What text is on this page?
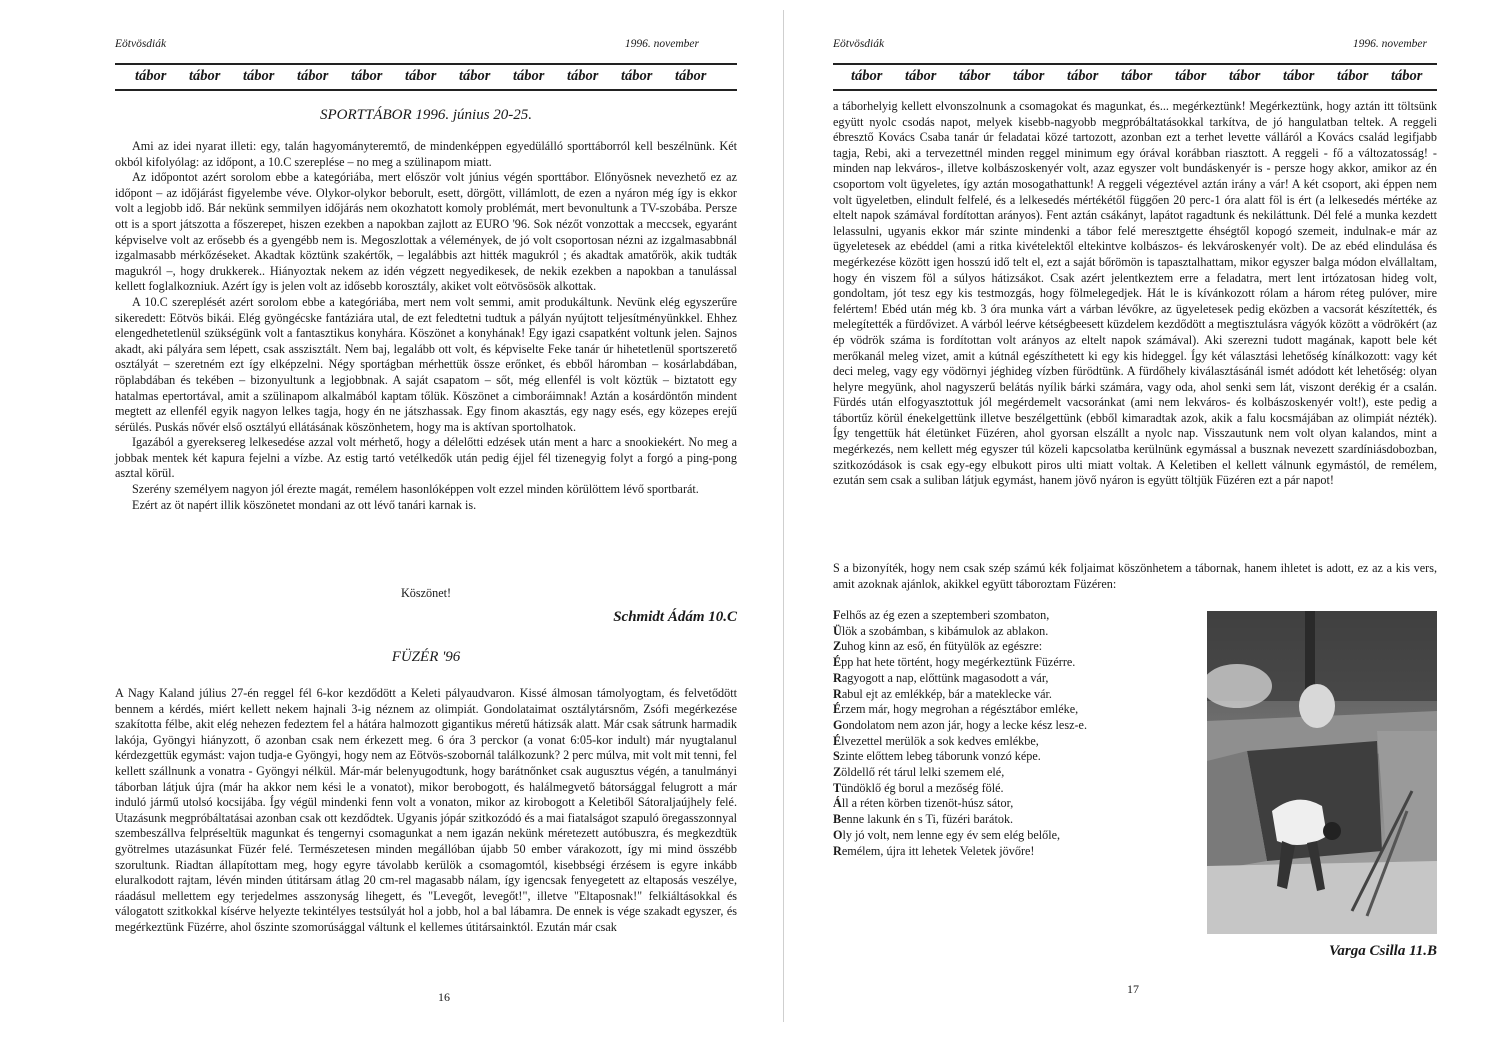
Eötvösdiák	1996. november
tábor tábor tábor tábor tábor tábor tábor tábor tábor tábor tábor
SPORTTÁBOR 1996. június 20-25.

Ami az idei nyarat illeti: egy, talán hagyományteremtő, de mindenképpen egyedülálló sporttáborról kell beszélnünk. Két okból kifolyólag: az időpont, a 10.C szereplése – no meg a szülinapom miatt.

Az időpontot azért sorolom ebbe a kategóriába, mert először volt június végén sporttábor. Előnyösnek nevezhető ez az időpont – az időjárást figyelembe véve. Olykor-olykor beborult, esett, dörgött, villámlott, de ezen a nyáron még így is ekkor volt a legjobb idő. Bár nekünk semmilyen időjárás nem okozhatott komoly problémát, mert bevonultunk a TV-szobába. Persze ott is a sport játszotta a főszerepet, hiszen ezekben a napokban zajlott az EURO '96. Sok nézőt vonzottak a meccsek, egyaránt képviselve volt az erősebb és a gyengébb nem is. Megoszlottak a vélemények, de jó volt csoportosan nézni az izgalmasabbnál izgalmasabb mérkőzéseket. Akadtak köztünk szakértők, – legalábbis azt hitték magukról ; és akadtak amatőrök, akik tudták magukról –, hogy drukkerek.. Hiányoztak nekem az idén végzett negyedikesek, de nekik ezekben a napokban a tanulással kellett foglalkozniuk. Azért így is jelen volt az idősebb korosztály, akiket volt eötvösösök alkottak.

A 10.C szereplését azért sorolom ebbe a kategóriába, mert nem volt semmi, amit produkáltunk. Nevünk elég egyszerűre sikeredett: Eötvös bikái. Elég gyöngécske fantáziára utal, de ezt feledtetni tudtuk a pályán nyújtott teljesítményünkkel. Ehhez elengedhetetlenül szükségünk volt a fantasztikus konyhára. Köszönet a konyhának! Egy igazi csapatként voltunk jelen. Sajnos akadt, aki pályára sem lépett, csak asszisztált. Nem baj, legalább ott volt, és képviselte Feke tanár úr hihetetlenül sportszerető osztályát – szeretném ezt így elképzelni. Négy sportágban mérhettük össze erőnket, és ebből háromban – kosárlabdában, röplabdában és tekében – bizonyultunk a legjobbnak. A saját csapatom – sőt, még ellenfél is volt köztük – biztatott egy hatalmas epertortával, amit a szülinapom alkalmából kaptam tőlük. Köszönet a cimboráimnak! Aztán a kosárdöntőn mindent megtett az ellenfél egyik nagyon lelkes tagja, hogy én ne játszhassak. Egy finom akasztás, egy nagy esés, egy közepes erejű sérülés. Puskás nővér első osztályú ellátásának köszönhetem, hogy ma is aktívan sportolhatok.

Igazából a gyereksereg lelkesedése azzal volt mérhető, hogy a délelőtti edzések után ment a harc a snookiekért. No meg a jobbak mentek két kapura fejelni a vízbe. Az estig tartó vetélkedők után pedig éjjel fél tizenegyig folyt a forgó a ping-pong asztal körül.

Szerény személyem nagyon jól érezte magát, remélem hasonlóképpen volt ezzel minden körülöttem lévő sportbarát.

Ezért az öt napért illik köszönetet mondani az ott lévő tanári karnak is.

Köszönet!
Schmidt Ádám 10.C
FÜZÉR '96

A Nagy Kaland július 27-én reggel fél 6-kor kezdődött a Keleti pályaudvaron. Kissé álmosan támolyogtam, és felvetődött bennem a kérdés, miért kellett nekem hajnali 3-ig néznem az olimpiát. Gondolataimat osztálytársnőm, Zsófi megérkezése szakította félbe, akit elég nehezen fedeztem fel a hátára halmozott gigantikus méretű hátizsák alatt. Már csak sátrunk harmadik lakója, Gyöngyi hiányzott, ő azonban csak nem érkezett meg. 6 óra 3 perckor (a vonat 6:05-kor indult) már nyugtalanul kérdezgettük egymást: vajon tudja-e Gyöngyi, hogy nem az Eötvös-szobornál találkozunk? 2 perc múlva, mit volt mit tenni, fel kellett szállnunk a vonatra - Gyöngyi nélkül. Már-már belenyugodtunk, hogy barátnőnket csak augusztus végén, a tanulmányi táborban látjuk újra (már ha akkor nem kési le a vonatot), mikor berobogott, és halálmegvető bátorsággal felugrott a már induló jármű utolsó kocsijába. Így végül mindenki fenn volt a vonaton, mikor az kirobogott a Keletiből Sátoraljaújhely felé. Utazásunk megpróbáltatásai azonban csak ott kezdődtek. Ugyanis jópár szitkozódó és a mai fiatalságot szapuló öregasszonnyal szembeszállva felpréseltük magunkat és tengernyi csomagunkat a nem igazán nekünk méretezett autóbuszra, és megkezdtük gyötrelmes utazásunkat Füzér felé. Természetesen minden megállóban újabb 50 ember várakozott, így mi mind összébb szorultunk. Riadtan állapítottam meg, hogy egyre távolabb kerülök a csomagomtól, kisebbségi érzésem is egyre inkább eluralkodott rajtam, lévén minden útitársam átlag 20 cm-rel magasabb nálam, így igencsak fenyegetett az eltaposás veszélye, ráadásul mellettem egy terjedelmes asszonyság lihegett, és "Levegőt, levegőt!", illetve "Eltaposnak!" felkiáltásokkal és válogatott szitkokkal kísérve helyezte tekintélyes testsúlyát hol a jobb, hol a bal lábamra. De ennek is vége szakadt egyszer, és megérkeztünk Füzérre, ahol őszinte szomorúsággal váltunk el kellemes útitársainktól. Ezután már csak

16
Eötvösdiák	1996. november
tábor tábor tábor tábor tábor tábor tábor tábor tábor tábor tábor

a táborhelyig kellett elvonszolnunk a csomagokat és magunkat, és... megérkeztünk! Megérkeztünk, hogy aztán itt töltsünk együtt nyolc csodás napot, melyek kisebb-nagyobb megpróbáltatásokkal tarkítva, de jó hangulatban teltek. A reggeli ébresztő Kovács Csaba tanár úr feladatai közé tartozott, azonban ezt a terhet levette válláról a Kovács család legifjabb tagja, Rebi, aki a tervezettnél minden reggel minimum egy órával korábban riasztott. A reggeli - fő a változatosság! - minden nap lekváros-, illetve kolbászoskenyér volt, azaz egyszer volt bundáskenyér is - persze hogy akkor, amikor az én csoportom volt ügyeletes, így aztán mosogathattunk! A reggeli végeztével aztán irány a vár! A két csoport, aki éppen nem volt ügyeletben, elindult felfelé, és a lelkesedés mértékétől függően 20 perc-1 óra alatt föl is ért (a lelkesedés mértéke az eltelt napok számával fordítottan arányos). Fent aztán csákányt, lapátot ragadtunk és nekiláttunk. Dél felé a munka kezdett lelassulni, ugyanis ekkor már szinte mindenki a tábor felé meresztgette éhségtől kopogó szemeit, indulnak-e már az ügyeletesek az ebéddel (ami a ritka kivételektől eltekintve kolbászos- és lekvároskenyér volt). De az ebéd elindulása és megérkezése között igen hosszú idő telt el, ezt a saját bőrömön is tapasztalhattam, mikor egyszer balga módon elvállaltam, hogy én viszem föl a súlyos hátizsákot. Csak azért jelentkeztem erre a feladatra, mert lent irtózatosan hideg volt, gondoltam, jót tesz egy kis testmozgás, hogy fölmelegedjek. Hát le is kívánkozott rólam a három réteg pulóver, mire felértem! Ebéd után még kb. 3 óra munka várt a várban lévőkre, az ügyeletesek pedig eközben a vacsorát készítették, és melegítették a fürdővizet. A várból leérve kétségbeesett küzdelem kezdődött a megtisztulásra vágyók között a vödrökért (az ép vödrök száma is fordítottan volt arányos az eltelt napok számával). Aki szerezni tudott magának, kapott bele két merőkanál meleg vizet, amit a kútnál egészíthetett ki egy kis hideggel. Így két választási lehetőség kínálkozott: vagy két deci meleg, vagy egy vödörnyi jéghideg vízben fürödtünk. A fürdőhely kiválasztásánál ismét adódott két lehetőség: olyan helyre megyünk, ahol nagyszerű belátás nyílik bárki számára, vagy oda, ahol senki sem lát, viszont derékig ér a csalán. Fürdés után elfogyasztottuk jól megérdemelt vacsoránkat (ami nem lekváros- és kolbászoskenyér volt!), este pedig a tábortűz körül énekelgettünk illetve beszélgettünk (ebből kimaradtak azok, akik a falu kocsmájában az olimpiát nézték). Így tengettük hát életünket Füzéren, ahol gyorsan elszállt a nyolc nap. Visszautunk nem volt olyan kalandos, mint a megérkezés, nem kellett még egyszer túl közeli kapcsolatba kerülnünk egymással a busznak nevezett szardíniásdobozban, szitkozódások is csak egy-egy elbukott piros ulti miatt voltak. A Keletiben el kellett válnunk egymástól, de remélem, ezután sem csak a suliban látjuk egymást, hanem jövő nyáron is együtt töltjük Füzéren ezt a pár napot!

S a bizonyíték, hogy nem csak szép számú kék foljaimat köszönhetem a tábornak, hanem ihletet is adott, ez az a kis vers, amit azoknak ajánlok, akikkel együtt táboroztam Füzéren:

Felhős az ég ezen a szeptemberi szombaton,
Ülök a szobámban, s kibámulok az ablakon.
Zuhog kinn az eső, én fütyülök az egészre:
Épp hat hete történt, hogy megérkeztünk Füzérre.
Ragyogott a nap, előttünk magasodott a vár,
Rabul ejt az emlékkép, bár a mateklecke vár.
Érzem már, hogy megrohan a régésztábor emléke,
Gondolatom nem azon jár, hogy a lecke kész lesz-e.
Élvezettel merülök a sok kedves emlékbe,
Szinte előttem lebeg táborunk vonzó képe.
Zöldellő rét tárul lelki szemem elé,
Tündöklő ég borul a mezőség fölé.
Áll a réten körben tizenöt-húsz sátor,
Benne lakunk én s Ti, füzéri barátok.
Oly jó volt, nem lenne egy év sem elég belőle,
Remélem, újra itt lehetek Veletek jövőre!
Varga Csilla 11.B
17
